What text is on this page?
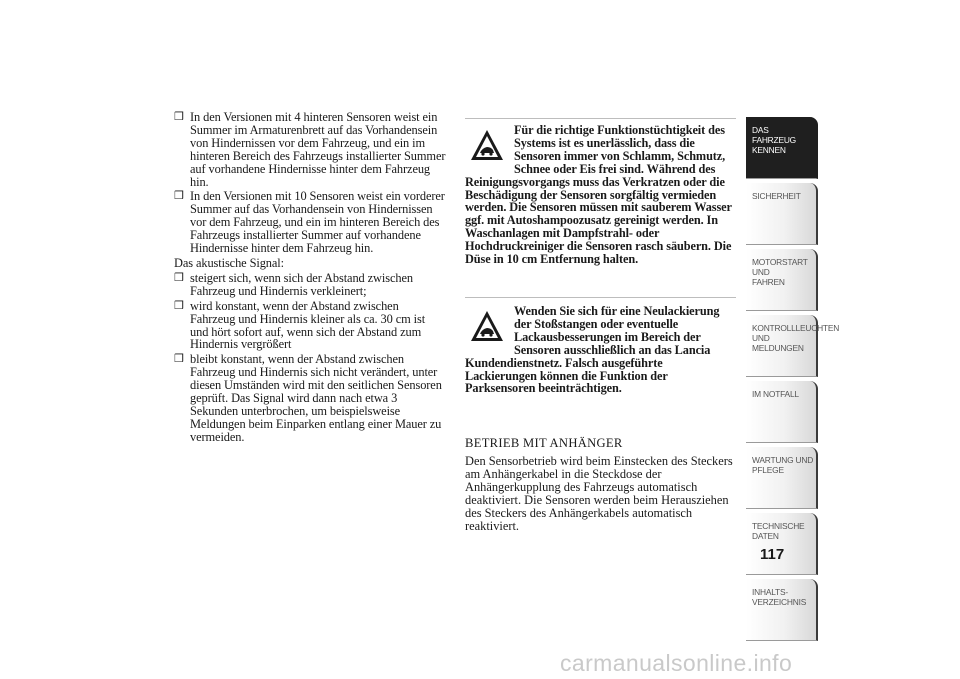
❒ In den Versionen mit 4 hinteren Sensoren weist ein Summer im Armaturenbrett auf das Vorhandensein von Hindernissen vor dem Fahrzeug, und ein im hinteren Bereich des Fahrzeugs installierter Summer auf vorhandene Hindernisse hinter dem Fahrzeug hin.

❒ In den Versionen mit 10 Sensoren weist ein vorderer Summer auf das Vorhandensein von Hindernissen vor dem Fahrzeug, und ein im hinteren Bereich des Fahrzeugs installierter Summer auf vorhandene Hindernisse hinter dem Fahrzeug hin.

Das akustische Signal:

❒ steigert sich, wenn sich der Abstand zwischen Fahrzeug und Hindernis verkleinert;

❒ wird konstant, wenn der Abstand zwischen Fahrzeug und Hindernis kleiner als ca. 30 cm ist und hört sofort auf, wenn sich der Abstand zum Hindernis vergrößert

❒ bleibt konstant, wenn der Abstand zwischen Fahrzeug und Hindernis sich nicht verändert, unter diesen Umständen wird mit den seitlichen Sensoren geprüft. Das Signal wird dann nach etwa 3 Sekunden unterbrochen, um beispielsweise Meldungen beim Einparken entlang einer Mauer zu vermeiden.

Für die richtige Funktionstüchtigkeit des Systems ist es unerlässlich, dass die Sensoren immer von Schlamm, Schmutz, Schnee oder Eis frei sind. Während des Reinigungsvorgangs muss das Verkratzen oder die Beschädigung der Sensoren sorgfältig vermieden werden. Die Sensoren müssen mit sauberem Wasser ggf. mit Autoshampoozusatz gereinigt werden. In Waschanlagen mit Dampfstrahl- oder Hochdruckreiniger die Sensoren rasch säubern. Die Düse in 10 cm Entfernung halten.
Wenden Sie sich für eine Neulackierung der Stoßstangen oder eventuelle Lackausbesserungen im Bereich der Sensoren ausschließlich an das Lancia Kundendienstnetz. Falsch ausgeführte Lackierungen können die Funktion der Parksensoren beeinträchtigen.
BETRIEB MIT ANHÄNGER
Den Sensorbetrieb wird beim Einstecken des Steckers am Anhängerkabel in die Steckdose der Anhängerkupplung des Fahrzeugs automatisch deaktiviert. Die Sensoren werden beim Herausziehen des Steckers des Anhängerkabels automatisch reaktiviert.
DAS FAHRZEUG
KENNEN
SICHERHEIT
MOTORSTART UND
FAHREN
KONTROLLLEUCHTEN
UND MELDUNGEN
IM NOTFALL
WARTUNG UND
PFLEGE
TECHNISCHE
DATEN
INHALTS-
VERZEICHNIS
117
carmanualsonline.info
